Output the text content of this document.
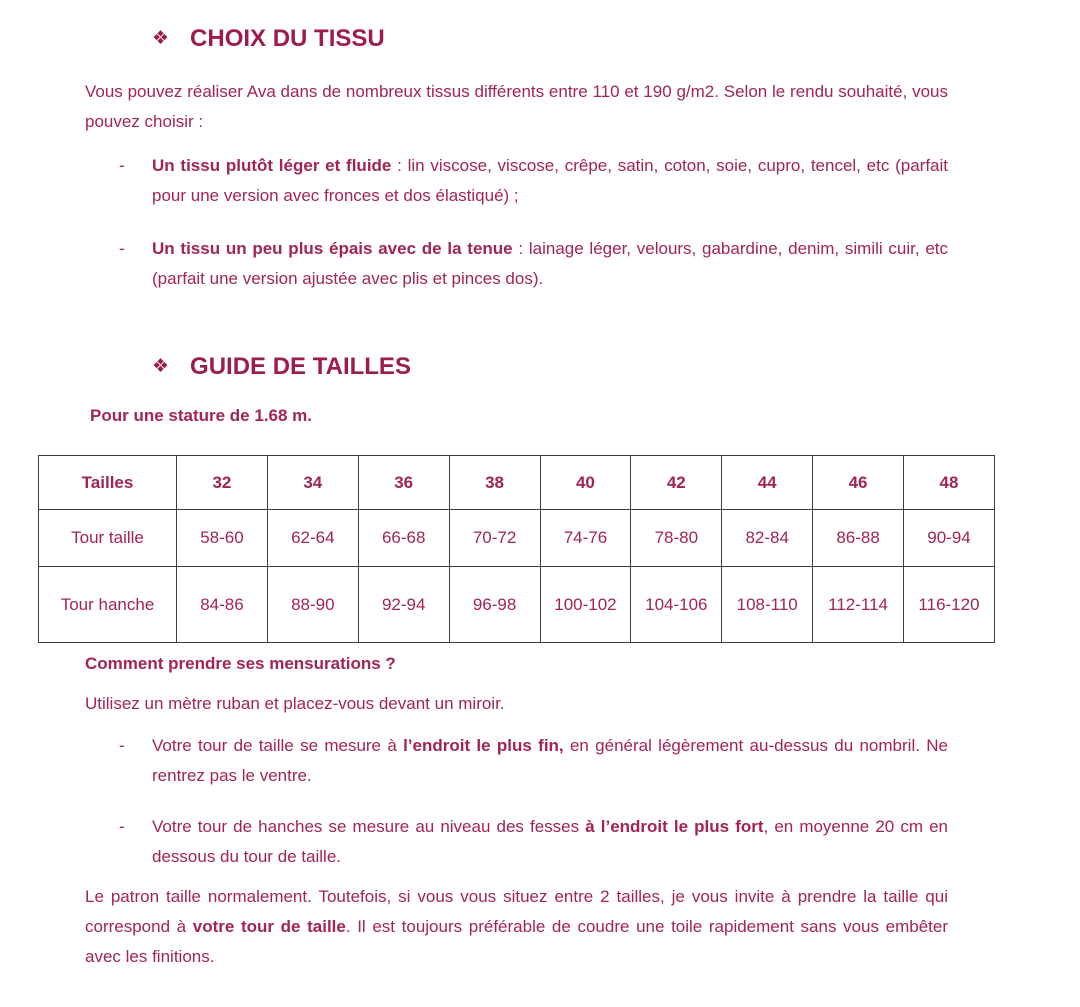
❖ CHOIX DU TISSU

Vous pouvez réaliser Ava dans de nombreux tissus différents entre 110 et 190 g/m2. Selon le rendu souhaité, vous pouvez choisir :

-	Un tissu plutôt léger et fluide : lin viscose, viscose, crêpe, satin, coton, soie, cupro, tencel, etc (parfait pour une version avec fronces et dos élastiqué) ;
-	Un tissu un peu plus épais avec de la tenue : lainage léger, velours, gabardine, denim, simili cuir, etc (parfait une version ajustée avec plis et pinces dos).
❖ GUIDE DE TAILLES

Pour une stature de 1.68 m.

Tailles	32	34	36	38	40	42	44	46	48
Tour taille	58-60	62-64	66-68	70-72	74-76	78-80	82-84	86-88	90-94
Tour hanche	84-86	88-90	92-94	96-98	100-102	104-106	108-110	112-114	116-120

Comment prendre ses mensurations ?

Utilisez un mètre ruban et placez-vous devant un miroir.

-	Votre tour de taille se mesure à l’endroit le plus fin, en général légèrement au-dessus du nombril. Ne rentrez pas le ventre.
-	Votre tour de hanches se mesure au niveau des fesses à l’endroit le plus fort, en moyenne 20 cm en dessous du tour de taille.

Le patron taille normalement. Toutefois, si vous vous situez entre 2 tailles, je vous invite à prendre la taille qui correspond à votre tour de taille. Il est toujours préférable de coudre une toile rapidement sans vous embêter avec les finitions.
